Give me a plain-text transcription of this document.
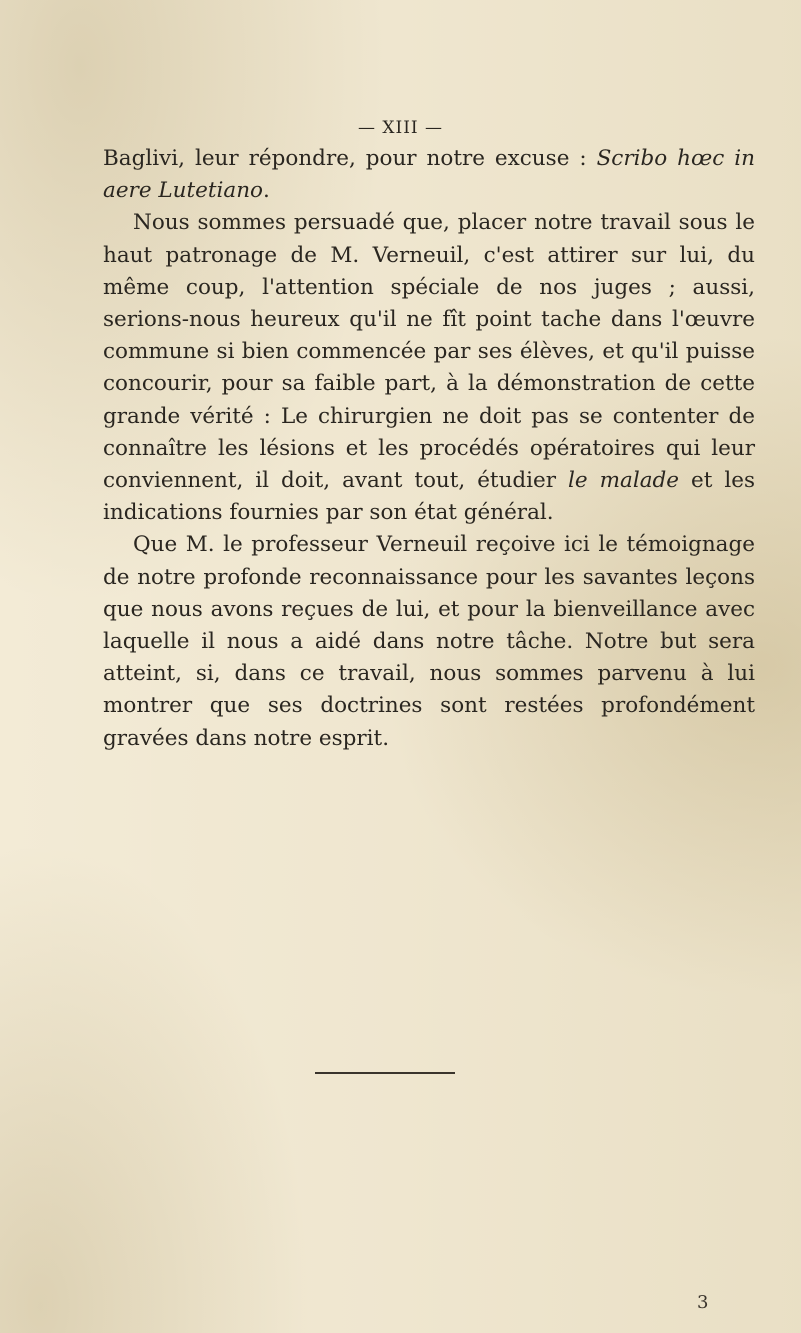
— XIII —

Baglivi, leur répondre, pour notre excuse : Scribo hœc in aere Lutetiano.

Nous sommes persuadé que, placer notre travail sous le haut patronage de M. Verneuil, c'est attirer sur lui, du même coup, l'attention spéciale de nos juges ; aussi, serions-nous heureux qu'il ne fît point tache dans l'œuvre commune si bien commencée par ses élèves, et qu'il puisse concourir, pour sa faible part, à la démonstration de cette grande vérité : Le chirurgien ne doit pas se contenter de connaître les lésions et les procédés opératoires qui leur conviennent, il doit, avant tout, étudier le malade et les indications fournies par son état général.

Que M. le professeur Verneuil reçoive ici le témoignage de notre profonde reconnaissance pour les savantes leçons que nous avons reçues de lui, et pour la bienveillance avec laquelle il nous a aidé dans notre tâche. Notre but sera atteint, si, dans ce travail, nous sommes parvenu à lui montrer que ses doctrines sont restées profondément gravées dans notre esprit.

3
